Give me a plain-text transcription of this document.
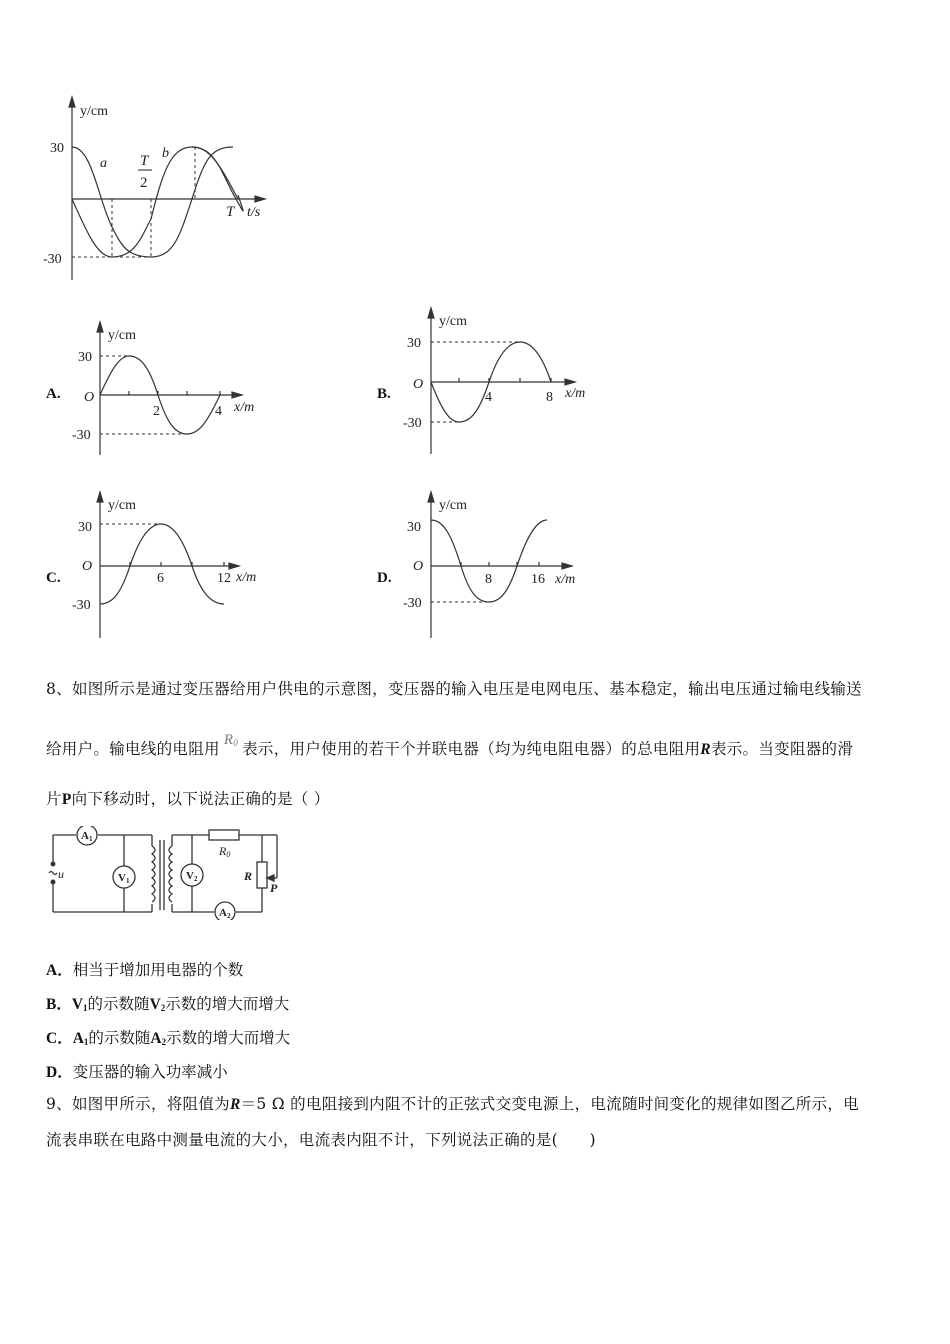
y/cm
30
-30
a
b
T
2
T t/s
A.
y/cm
30
O
-30
2	4 x/m
B.
y/cm
30
O
-30
4	8 x/m
C.
y/cm
30
O
-30
6	12 x/m	D.
y/cm
30
O
-30
8	16 x/m
8、如图所示是通过变压器给用户供电的示意图，变压器的输入电压是电网电压、基本稳定，输出电压通过输电线输送
给用户。输电线的电阻用 $R_0$ 表示，用户使用的若干个并联电器（均为纯电阻电器）的总电阻用R表示。当变阻器的滑
片P向下移动时，以下说法正确的是（ ）
A1
V1	V2
A2
u
R0
R
P
A．相当于增加用电器的个数
B．$V_1$的示数随$V_2$示数的增大而增大
C．$A_1$的示数随$A_2$示数的增大而增大
D．变压器的输入功率减小
9、如图甲所示，将阻值为R＝5 Ω 的电阻接到内阻不计的正弦式交变电源上，电流随时间变化的规律如图乙所示，电
流表串联在电路中测量电流的大小，电流表内阻不计，下列说法正确的是(　　)
